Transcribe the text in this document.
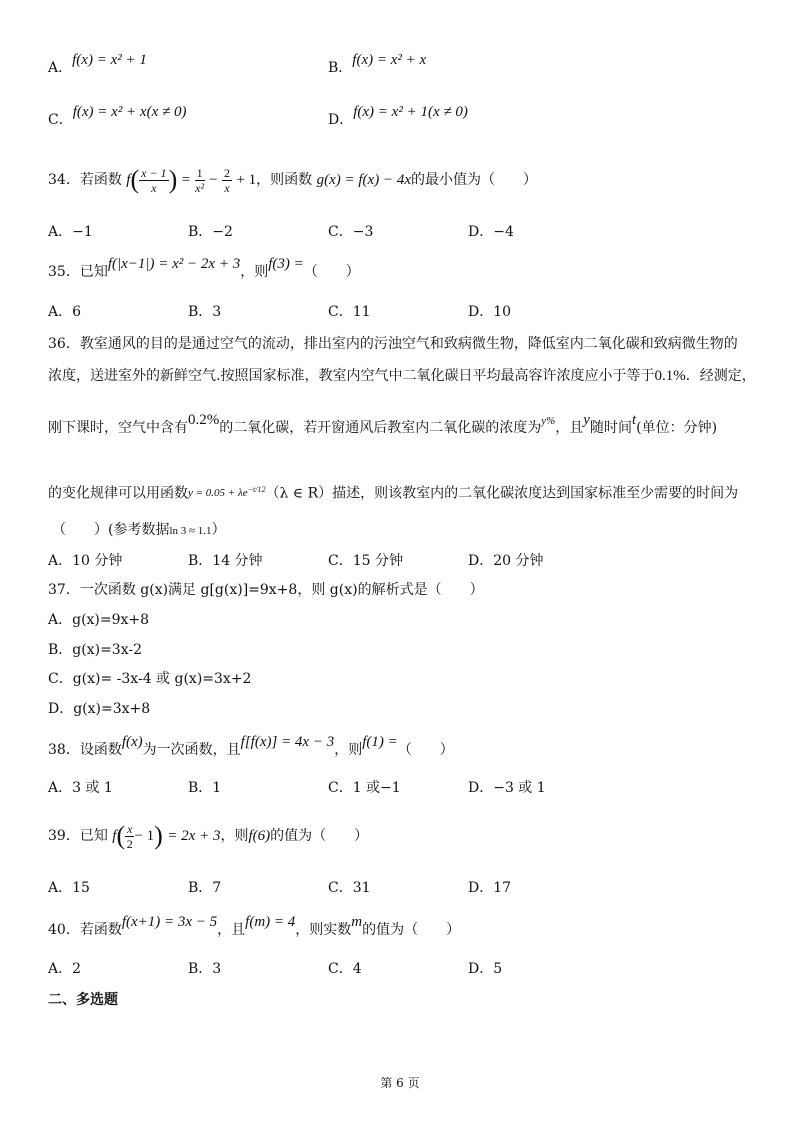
A．f(x) = x² + 1	B．f(x) = x² + x
C．f(x) = x² + x(x ≠ 0)	D．f(x) = x² + 1(x ≠ 0)
34．若函数 $f( \frac{x - 1}{x}$ ) = $\frac{1}{\text{x²}} - \frac{2}{x} + 1$，则函数 g(x) = f(x) − 4x的最小值为（　　）
A．−1	B．−2	C．−3	D．−4
35．已知f(|x−1|) = x² − 2x + 3，则f(3) =（　　）
A．6	B．3	C．11	D．10
36．教室通风的目的是通过空气的流动，排出室内的污浊空气和致病微生物，降低室内二氧化碳和致病微生物的
浓度，送进室外的新鲜空气.按照国家标准，教室内空气中二氧化碳日平均最高容许浓度应小于等于0.1%．经测定，
刚下课时，空气中含有0.2%的二氧化碳，若开窗通风后教室内二氧化碳的浓度为$^{y\%}$，且y随时间t(单位：分钟)
的变化规律可以用函数$y = 0.05 + \lambda e^{-t/12}(\lambda$ ∈ R）描述，则该教室内的二氧化碳浓度达到国家标准至少需要的时间为
（　　）(参考数据ln 3 ≈ 1.1）
A．10 分钟	B．14 分钟	C．15 分钟	D．20 分钟
37．一次函数 g(x)满足 g[g(x)]=9x+8，则 g(x)的解析式是（　　）
A．g(x)=9x+8
B．g(x)=3x-2
C．g(x)= -3x-4 或 g(x)=3x+2
D．g(x)=3x+8
38．设函数f(x)为一次函数，且f[f(x)] = 4x − 3，则f(1) =（　　）
A．3 或 1	B．1	C．1 或−1	D．−3 或 1
39．已知 $f( \frac{x}{2} - 1) = 2x + 3$，则f(6)的值为（　　）
A．15	B．7	C．31	D．17
40．若函数f(x+1) = 3x − 5，且f(m) = 4，则实数m的值为（　　）
A．2	B．3	C．4	D．5
二、多选题
第 6 页
